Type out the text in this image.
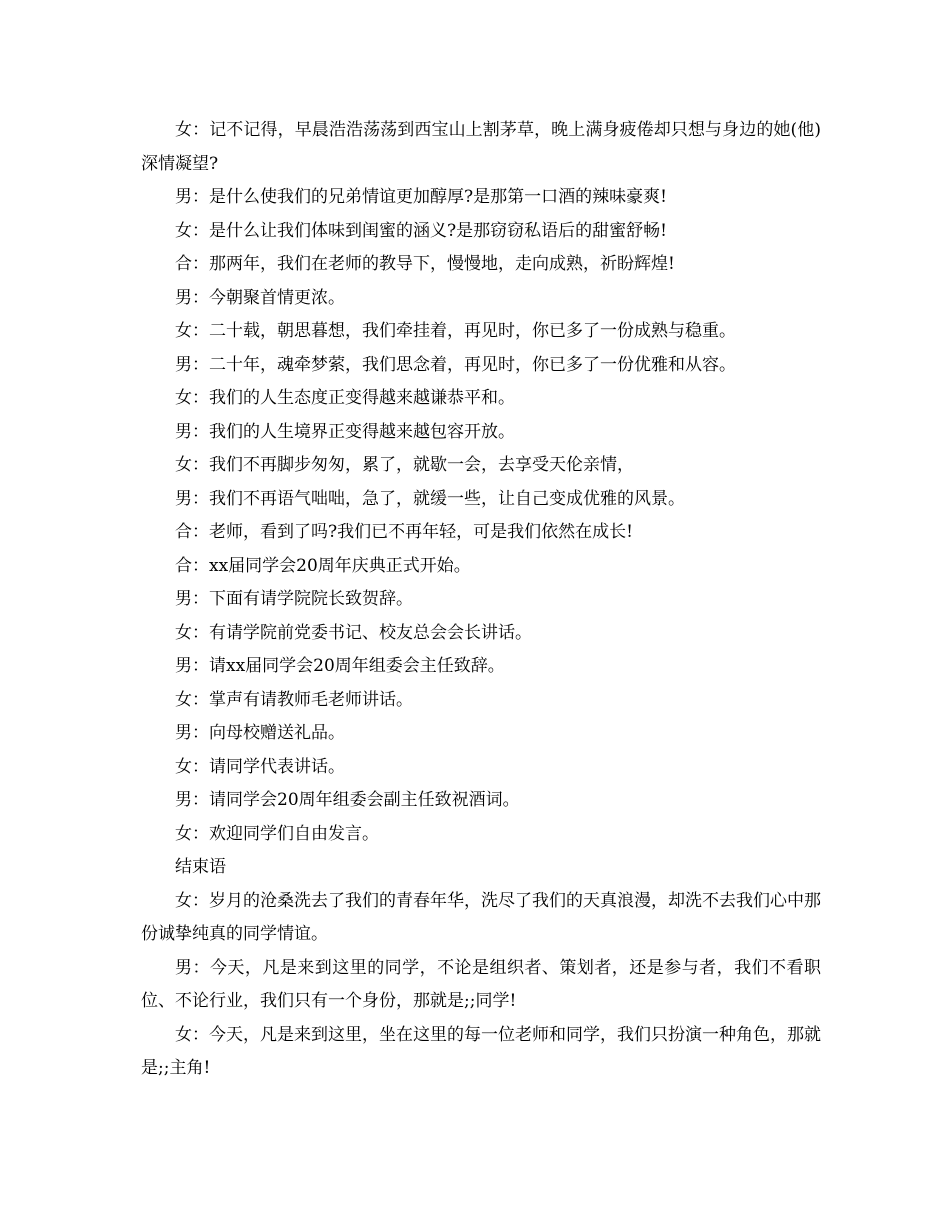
女：记不记得，早晨浩浩荡荡到西宝山上割茅草，晚上满身疲倦却只想与身边的她(他)深情凝望?

男：是什么使我们的兄弟情谊更加醇厚?是那第一口酒的辣味豪爽!

女：是什么让我们体味到闺蜜的涵义?是那窃窃私语后的甜蜜舒畅!

合：那两年，我们在老师的教导下，慢慢地，走向成熟，祈盼辉煌!

男：今朝聚首情更浓。

女：二十载，朝思暮想，我们牵挂着，再见时，你已多了一份成熟与稳重。

男：二十年，魂牵梦萦，我们思念着，再见时，你已多了一份优雅和从容。

女：我们的人生态度正变得越来越谦恭平和。

男：我们的人生境界正变得越来越包容开放。

女：我们不再脚步匆匆，累了，就歇一会，去享受天伦亲情，

男：我们不再语气咄咄，急了，就缓一些，让自己变成优雅的风景。

合：老师，看到了吗?我们已不再年轻，可是我们依然在成长!

合：xx届同学会20周年庆典正式开始。

男：下面有请学院院长致贺辞。

女：有请学院前党委书记、校友总会会长讲话。

男：请xx届同学会20周年组委会主任致辞。

女：掌声有请教师毛老师讲话。

男：向母校赠送礼品。

女：请同学代表讲话。

男：请同学会20周年组委会副主任致祝酒词。

女：欢迎同学们自由发言。

结束语

女：岁月的沧桑洗去了我们的青春年华，洗尽了我们的天真浪漫，却洗不去我们心中那份诚挚纯真的同学情谊。

男：今天，凡是来到这里的同学，不论是组织者、策划者，还是参与者，我们不看职位、不论行业，我们只有一个身份，那就是;;同学!

女：今天，凡是来到这里，坐在这里的每一位老师和同学，我们只扮演一种角色，那就是;;主角!
